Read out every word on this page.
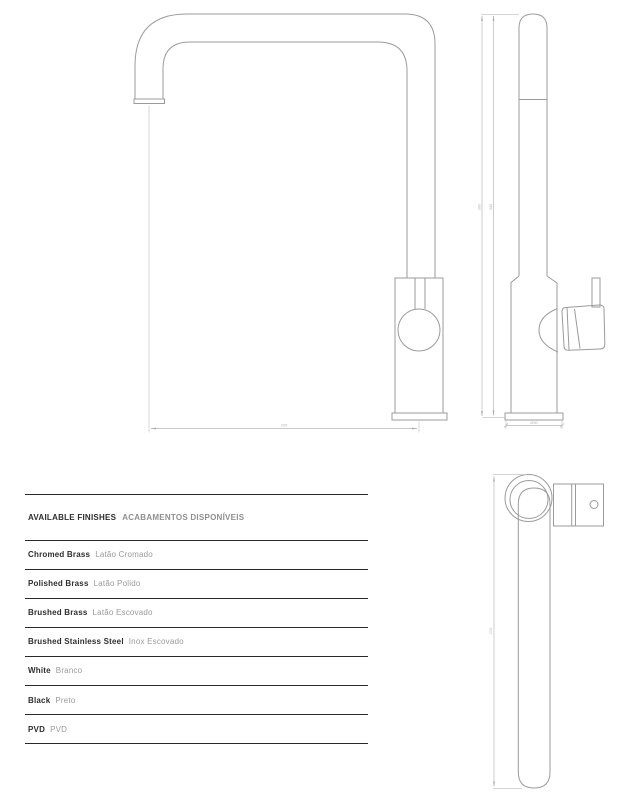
220
390 345
Ø50
220
AVAILABLE FINISHES ACABAMENTOS DISPONÍVEIS
Chromed Brass Latão Cromado
Polished Brass Latão Polido
Brushed Brass Latão Escovado
Brushed Stainless Steel Inox Escovado
White Branco
Black Preto
PVD PVD
